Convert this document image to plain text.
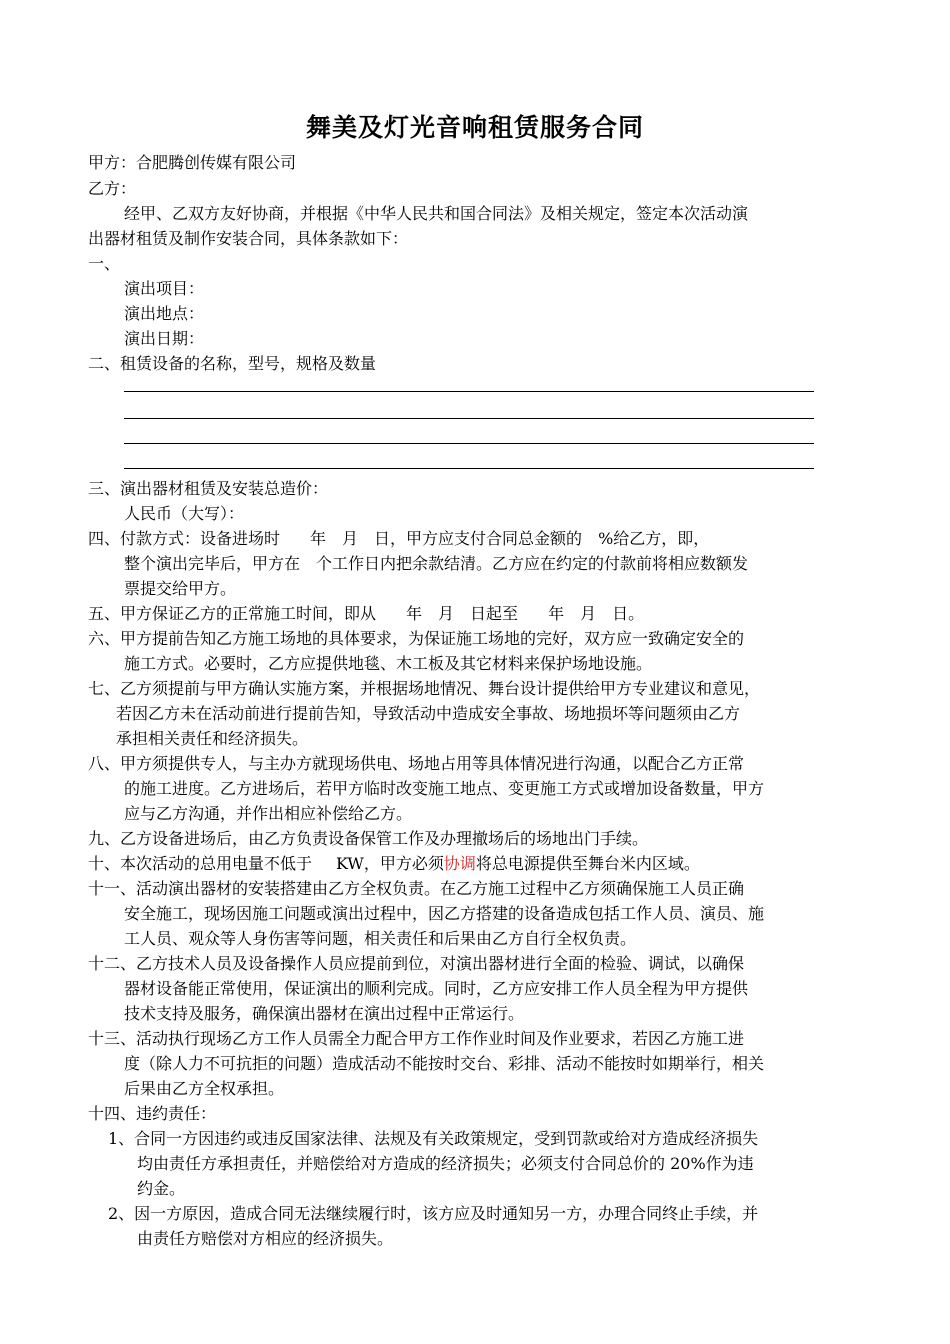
舞美及灯光音响租赁服务合同
甲方：合肥腾创传媒有限公司
乙方：
经甲、乙双方友好协商，并根据《中华人民共和国合同法》及相关规定，签定本次活动演
出器材租赁及制作安装合同，具体条款如下：
一、
演出项目：
演出地点：
演出日期：
二、租赁设备的名称，型号，规格及数量
三、演出器材租赁及安装总造价：
人民币（大写）：
四、付款方式：设备进场时 年 月 日，甲方应支付合同总金额的 %给乙方，即，
整个演出完毕后，甲方在 个工作日内把余款结清。乙方应在约定的付款前将相应数额发
票提交给甲方。
五、甲方保证乙方的正常施工时间，即从 年 月 日起至 年 月 日。
六、甲方提前告知乙方施工场地的具体要求，为保证施工场地的完好，双方应一致确定安全的
施工方式。必要时，乙方应提供地毯、木工板及其它材料来保护场地设施。
七、乙方须提前与甲方确认实施方案，并根据场地情况、舞台设计提供给甲方专业建议和意见，
若因乙方未在活动前进行提前告知，导致活动中造成安全事故、场地损坏等问题须由乙方
承担相关责任和经济损失。
八、甲方须提供专人，与主办方就现场供电、场地占用等具体情况进行沟通，以配合乙方正常
的施工进度。乙方进场后，若甲方临时改变施工地点、变更施工方式或增加设备数量，甲方
应与乙方沟通，并作出相应补偿给乙方。
九、乙方设备进场后，由乙方负责设备保管工作及办理撤场后的场地出门手续。
十、本次活动的总用电量不低于 KW，甲方必须协调将总电源提供至舞台米内区域。
十一、活动演出器材的安装搭建由乙方全权负责。在乙方施工过程中乙方须确保施工人员正确
安全施工，现场因施工问题或演出过程中，因乙方搭建的设备造成包括工作人员、演员、施
工人员、观众等人身伤害等问题，相关责任和后果由乙方自行全权负责。
十二、乙方技术人员及设备操作人员应提前到位，对演出器材进行全面的检验、调试，以确保
器材设备能正常使用，保证演出的顺利完成。同时，乙方应安排工作人员全程为甲方提供
技术支持及服务，确保演出器材在演出过程中正常运行。
十三、活动执行现场乙方工作人员需全力配合甲方工作作业时间及作业要求，若因乙方施工进
度（除人力不可抗拒的问题）造成活动不能按时交台、彩排、活动不能按时如期举行，相关
后果由乙方全权承担。
十四、违约责任：
1、合同一方因违约或违反国家法律、法规及有关政策规定，受到罚款或给对方造成经济损失
均由责任方承担责任，并赔偿给对方造成的经济损失；必须支付合同总价的 20%作为违
约金。
2、因一方原因，造成合同无法继续履行时，该方应及时通知另一方，办理合同终止手续，并
由责任方赔偿对方相应的经济损失。
